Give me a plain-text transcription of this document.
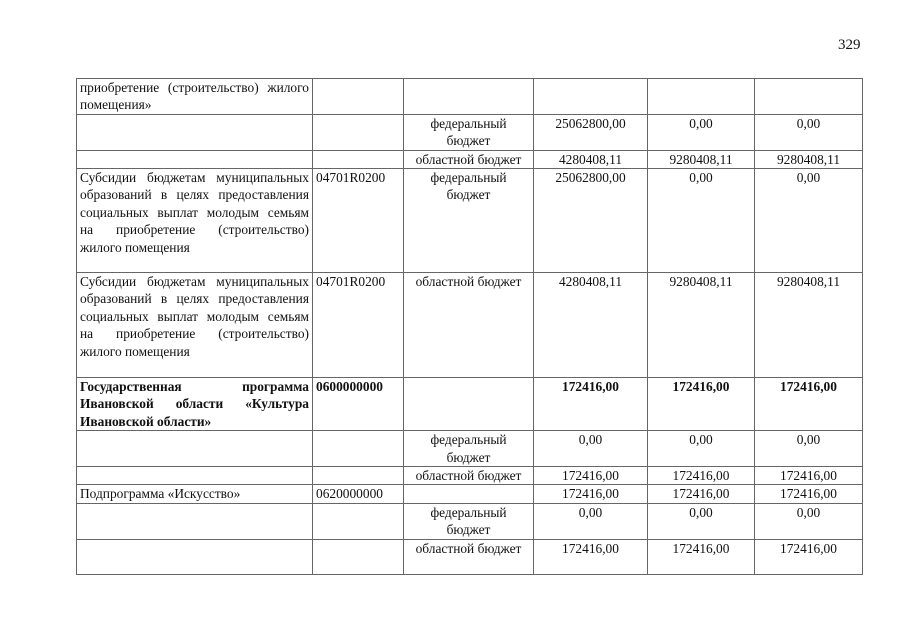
329
приобретение (строительство) жилого помещения»					
		федеральный бюджет	25062800,00	0,00	0,00
		областной бюджет	4280408,11	9280408,11	9280408,11
Субсидии бюджетам муниципальных образований в целях предоставления социальных выплат молодым семьям на приобретение (строительство) жилого помещения	04701R0200	федеральный бюджет	25062800,00	0,00	0,00
Субсидии бюджетам муниципальных образований в целях предоставления социальных выплат молодым семьям на приобретение (строительство) жилого помещения	04701R0200	областной бюджет	4280408,11	9280408,11	9280408,11
Государственная программа Ивановской области «Культура Ивановской области»	0600000000		172416,00	172416,00	172416,00
		федеральный бюджет	0,00	0,00	0,00
		областной бюджет	172416,00	172416,00	172416,00
Подпрограмма «Искусство»	0620000000		172416,00	172416,00	172416,00
		федеральный бюджет	0,00	0,00	0,00
		областной бюджет	172416,00	172416,00	172416,00
